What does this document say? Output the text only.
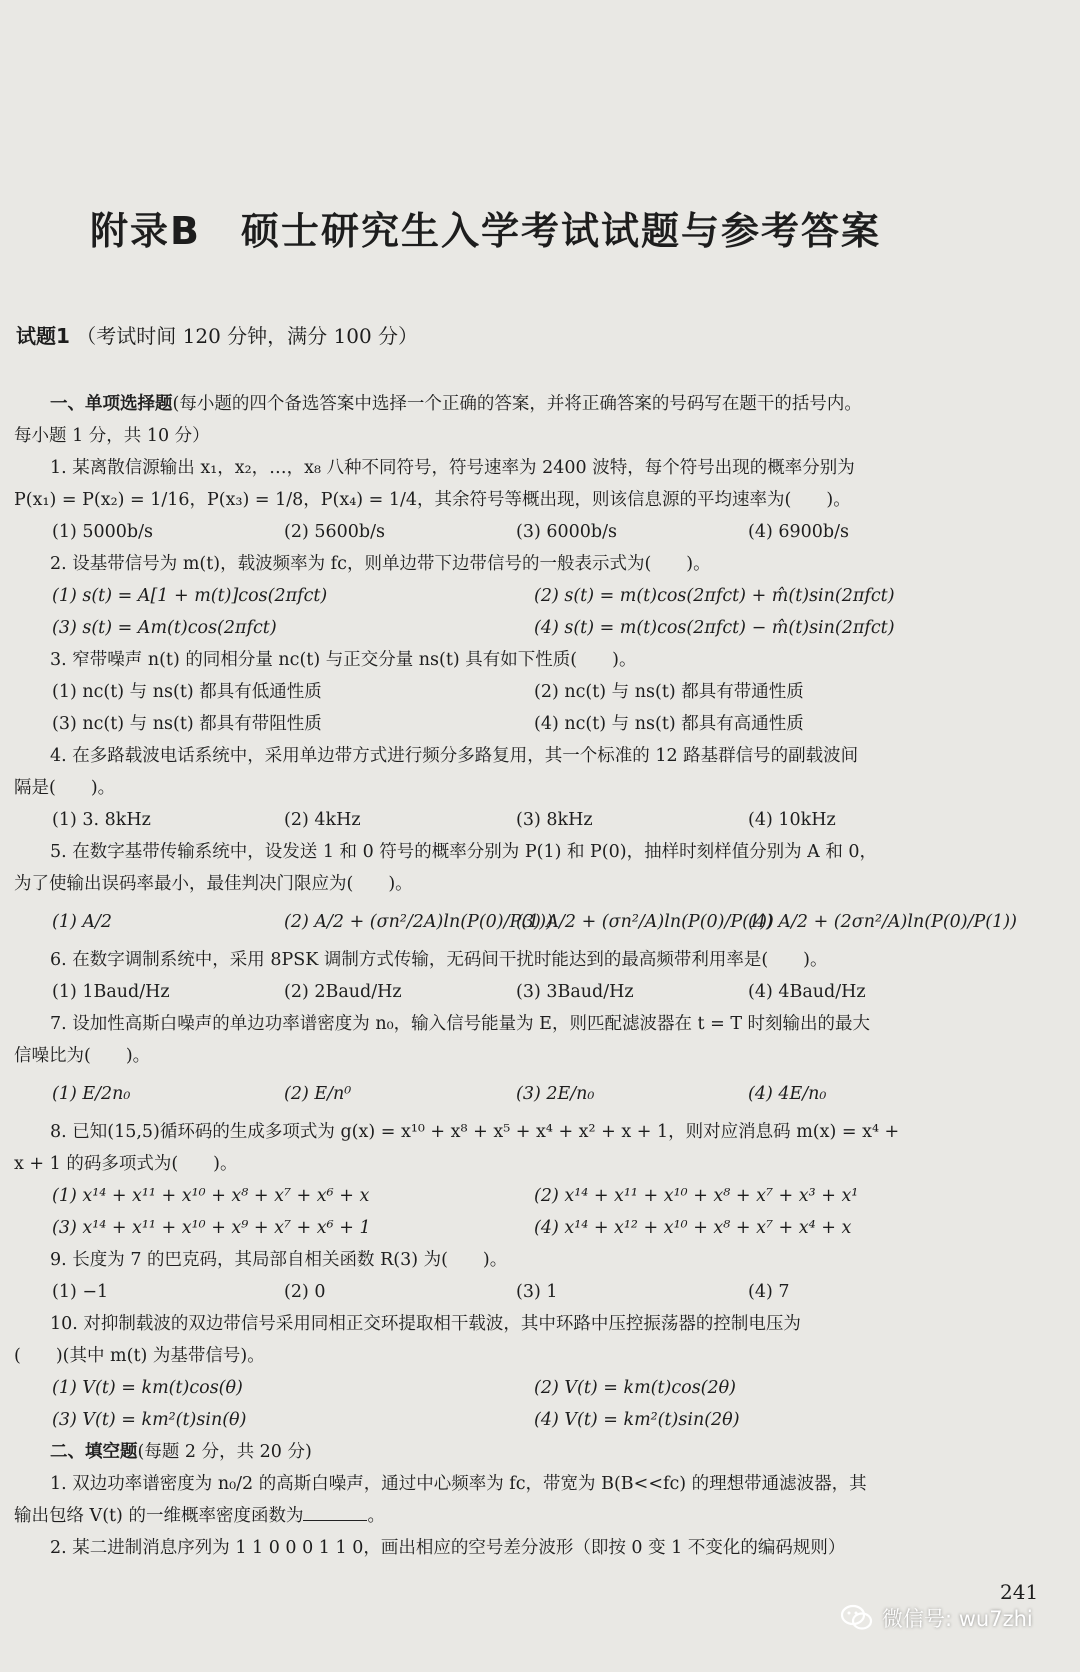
附录B　硕士研究生入学考试试题与参考答案
试题1 （考试时间 120 分钟，满分 100 分）

一、单项选择题(每小题的四个备选答案中选择一个正确的答案，并将正确答案的号码写在题干的括号内。

每小题 1 分，共 10 分）

1. 某离散信源输出 x₁，x₂，…，x₈ 八种不同符号，符号速率为 2400 波特，每个符号出现的概率分别为

P(x₁) = P(x₂) = 1/16，P(x₃) = 1/8，P(x₄) = 1/4，其余符号等概出现，则该信息源的平均速率为(　　)。

(1) 5000b/s	(2) 5600b/s	(3) 6000b/s	(4) 6900b/s

2. 设基带信号为 m(t)，载波频率为 fc，则单边带下边带信号的一般表示式为(　　)。

(1) s(t) = A[1 + m(t)]cos(2πfct)	(2) s(t) = m(t)cos(2πfct) + m̂(t)sin(2πfct)
(3) s(t) = Am(t)cos(2πfct)	(4) s(t) = m(t)cos(2πfct) − m̂(t)sin(2πfct)

3. 窄带噪声 n(t) 的同相分量 nc(t) 与正交分量 ns(t) 具有如下性质(　　)。

(1) nc(t) 与 ns(t) 都具有低通性质	(2) nc(t) 与 ns(t) 都具有带通性质
(3) nc(t) 与 ns(t) 都具有带阻性质	(4) nc(t) 与 ns(t) 都具有高通性质

4. 在多路载波电话系统中，采用单边带方式进行频分多路复用，其一个标准的 12 路基群信号的副载波间

隔是(　　)。

(1) 3. 8kHz	(2) 4kHz	(3) 8kHz	(4) 10kHz

5. 在数字基带传输系统中，设发送 1 和 0 符号的概率分别为 P(1) 和 P(0)，抽样时刻样值分别为 A 和 0，

为了使输出误码率最小，最佳判决门限应为(　　)。

(1) A/2	(2) A/2 + (σn²/2A)ln(P(0)/P(1))
(3) A/2 + (σn²/A)ln(P(0)/P(1))
(4) A/2 + (2σn²/A)ln(P(0)/P(1))

6. 在数字调制系统中，采用 8PSK 调制方式传输，无码间干扰时能达到的最高频带利用率是(　　)。

(1) 1Baud/Hz	(2) 2Baud/Hz	(3) 3Baud/Hz	(4) 4Baud/Hz

7. 设加性高斯白噪声的单边功率谱密度为 n₀，输入信号能量为 E，则匹配滤波器在 t = T 时刻输出的最大

信噪比为(　　)。

(1) E/2n₀	(2) E/n⁰	(3) 2E/n₀	(4) 4E/n₀

8. 已知(15,5)循环码的生成多项式为 g(x) = x¹⁰ + x⁸ + x⁵ + x⁴ + x² + x + 1，则对应消息码 m(x) = x⁴ +

x + 1 的码多项式为(　　)。

(1) x¹⁴ + x¹¹ + x¹⁰ + x⁸ + x⁷ + x⁶ + x	(2) x¹⁴ + x¹¹ + x¹⁰ + x⁸ + x⁷ + x³ + x¹
(3) x¹⁴ + x¹¹ + x¹⁰ + x⁹ + x⁷ + x⁶ + 1	(4) x¹⁴ + x¹² + x¹⁰ + x⁸ + x⁷ + x⁴ + x

9. 长度为 7 的巴克码，其局部自相关函数 R(3) 为(　　)。

(1) −1	(2) 0	(3) 1	(4) 7

10. 对抑制载波的双边带信号采用同相正交环提取相干载波，其中环路中压控振荡器的控制电压为

(　　)(其中 m(t) 为基带信号)。

(1) V(t) = km(t)cos(θ)	(2) V(t) = km(t)cos(2θ)
(3) V(t) = km²(t)sin(θ)	(4) V(t) = km²(t)sin(2θ)

二、填空题(每题 2 分，共 20 分)

1. 双边功率谱密度为 n₀/2 的高斯白噪声，通过中心频率为 fc，带宽为 B(B<<fc) 的理想带通滤波器，其

输出包络 V(t) 的一维概率密度函数为	。

2. 某二进制消息序列为 1 1 0 0 0 1 1 0，画出相应的空号差分波形（即按 0 变 1 不变化的编码规则）

241
微信号: wu7zhi
